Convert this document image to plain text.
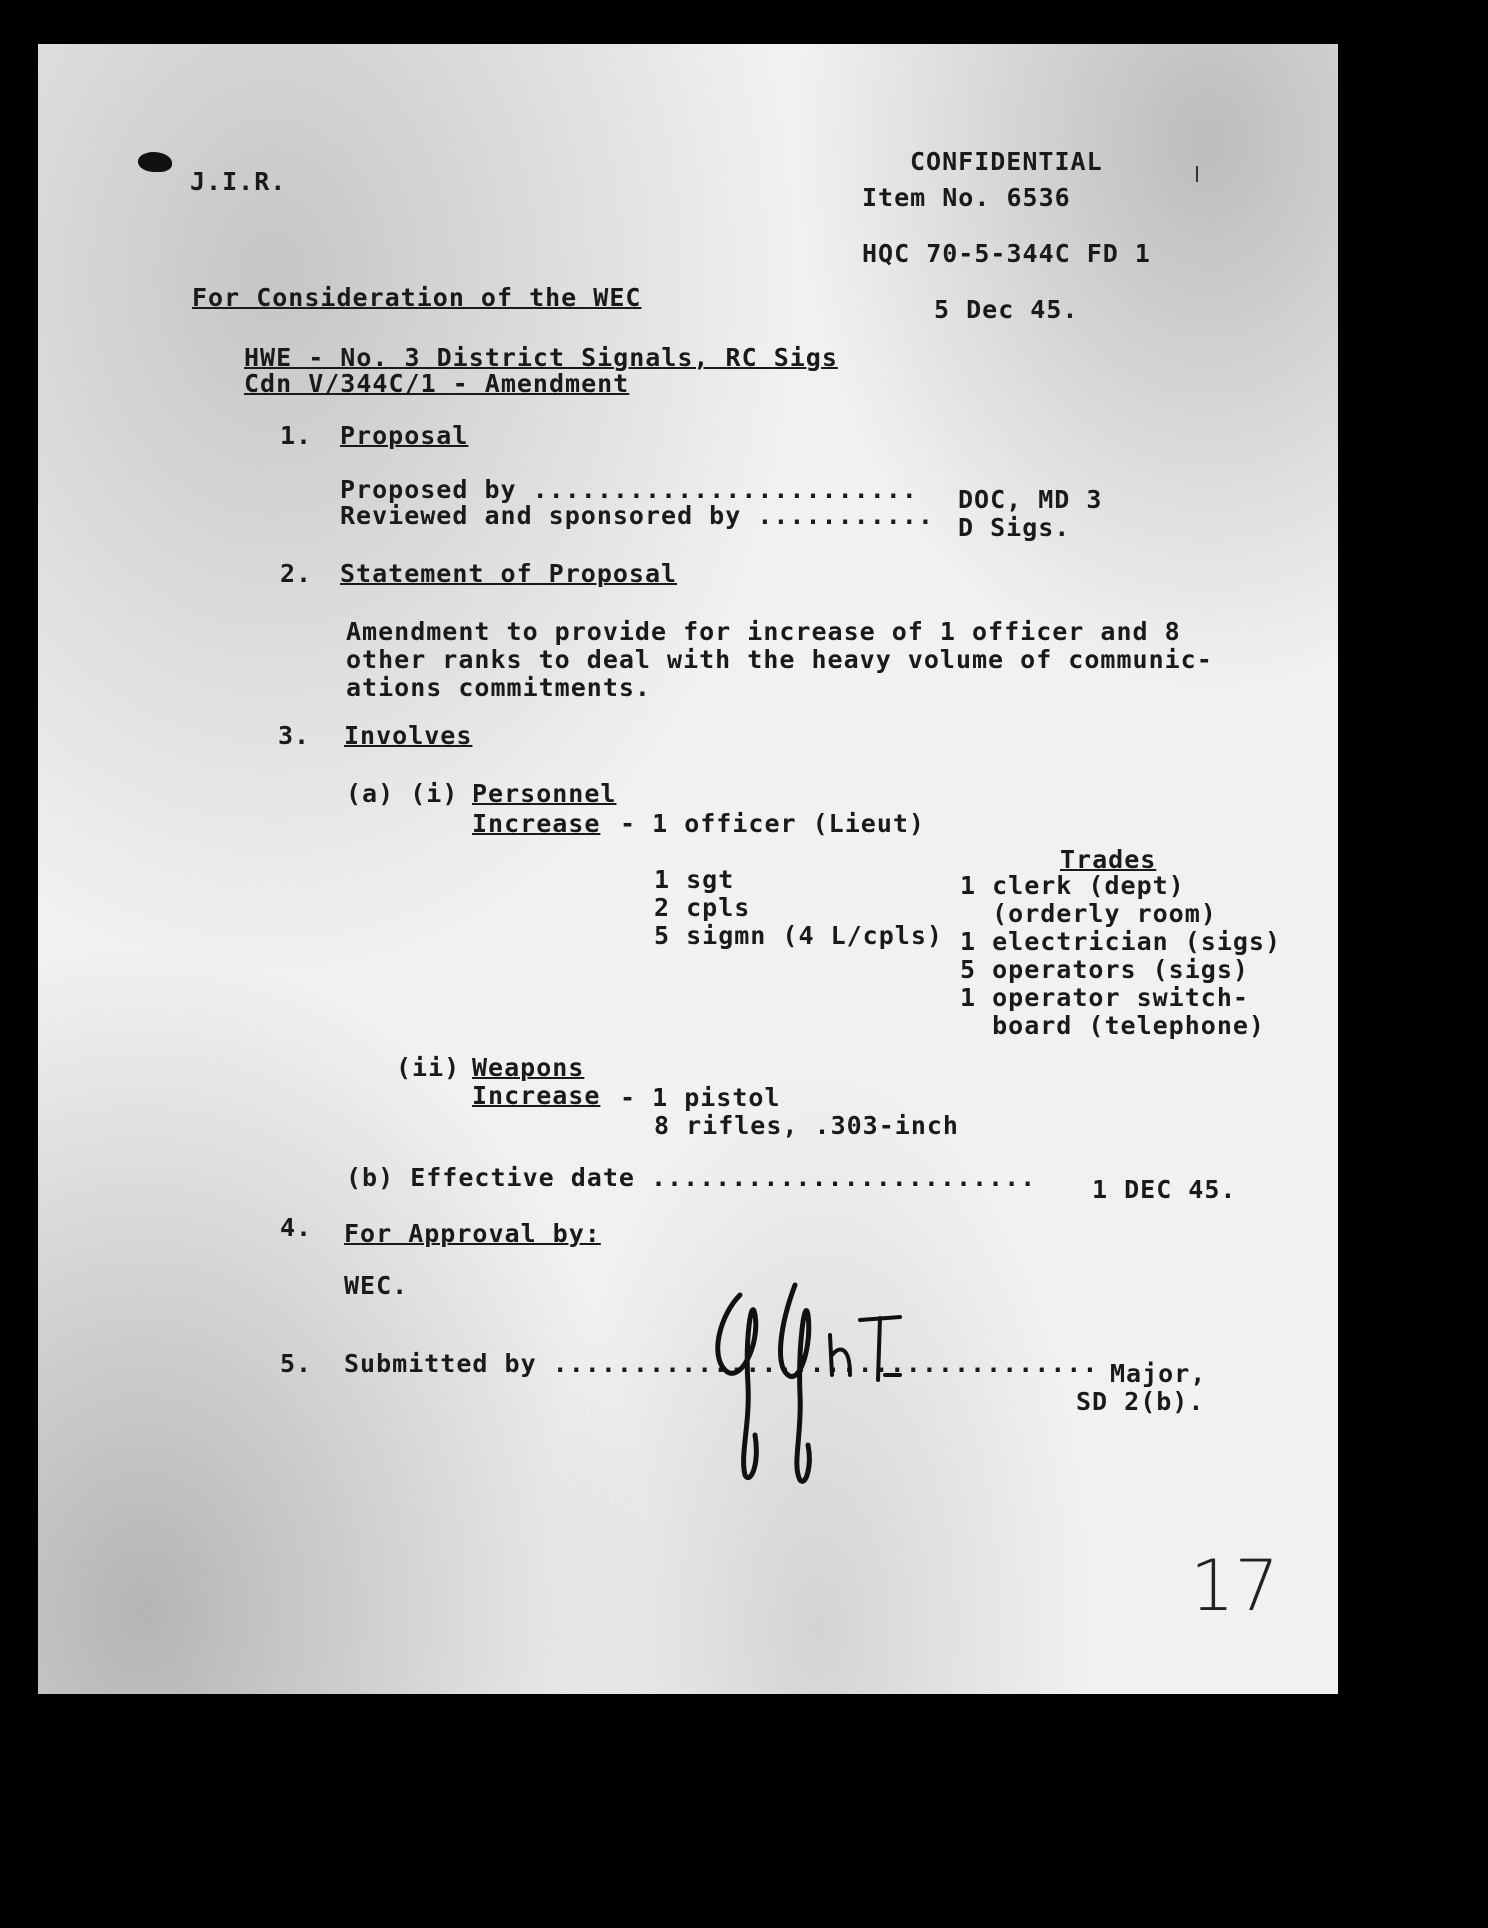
J.I.R.
CONFIDENTIAL
Item No. 6536
HQC 70-5-344C FD 1
5 Dec 45.
For Consideration of the WEC
HWE - No. 3 District Signals, RC Sigs
Cdn V/344C/1 - Amendment
1. Proposal
Proposed by ........................ DOC, MD 3
Reviewed and sponsored by ........... D Sigs.
2. Statement of Proposal
Amendment to provide for increase of 1 officer and 8
other ranks to deal with the heavy volume of communic-
ations commitments.
3. Involves
(a) (i) Personnel
Increase - 1 officer (Lieut)
Trades
1 sgt
2 cpls
5 sigmn (4 L/cpls)
1 clerk (dept)
(orderly room)
1 electrician (sigs)
5 operators (sigs)
1 operator switch-
board (telephone)
(ii) Weapons
Increase - 1 pistol
8 rifles, .303-inch
(b) Effective date ........................ 1 DEC 45.
4. For Approval by:
WEC.
5. Submitted by .................................. Major,
SD 2(b).
17
